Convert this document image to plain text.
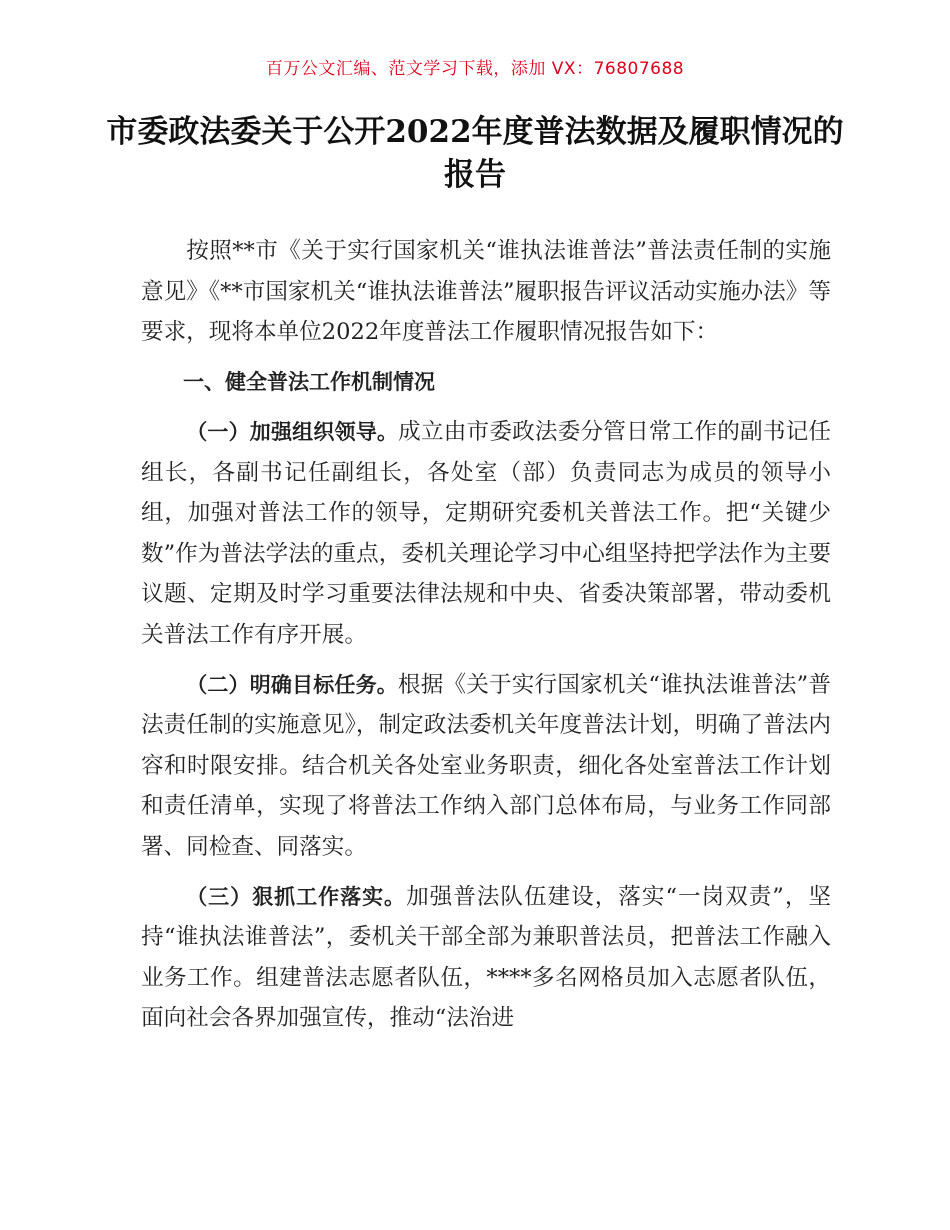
百万公文汇编、范文学习下载，添加 VX：76807688
市委政法委关于公开2022年度普法数据及履职情况的报告

按照**市《关于实行国家机关“谁执法谁普法”普法责任制的实施意见》《**市国家机关“谁执法谁普法”履职报告评议活动实施办法》等要求，现将本单位2022年度普法工作履职情况报告如下：

一、健全普法工作机制情况

（一）加强组织领导。成立由市委政法委分管日常工作的副书记任组长，各副书记任副组长，各处室（部）负责同志为成员的领导小组，加强对普法工作的领导，定期研究委机关普法工作。把“关键少数”作为普法学法的重点，委机关理论学习中心组坚持把学法作为主要议题、定期及时学习重要法律法规和中央、省委决策部署，带动委机关普法工作有序开展。

（二）明确目标任务。根据《关于实行国家机关“谁执法谁普法”普法责任制的实施意见》，制定政法委机关年度普法计划，明确了普法内容和时限安排。结合机关各处室业务职责，细化各处室普法工作计划和责任清单，实现了将普法工作纳入部门总体布局，与业务工作同部署、同检查、同落实。

（三）狠抓工作落实。加强普法队伍建设，落实“一岗双责”，坚持“谁执法谁普法”，委机关干部全部为兼职普法员，把普法工作融入业务工作。组建普法志愿者队伍，****多名网格员加入志愿者队伍，面向社会各界加强宣传，推动“法治进
